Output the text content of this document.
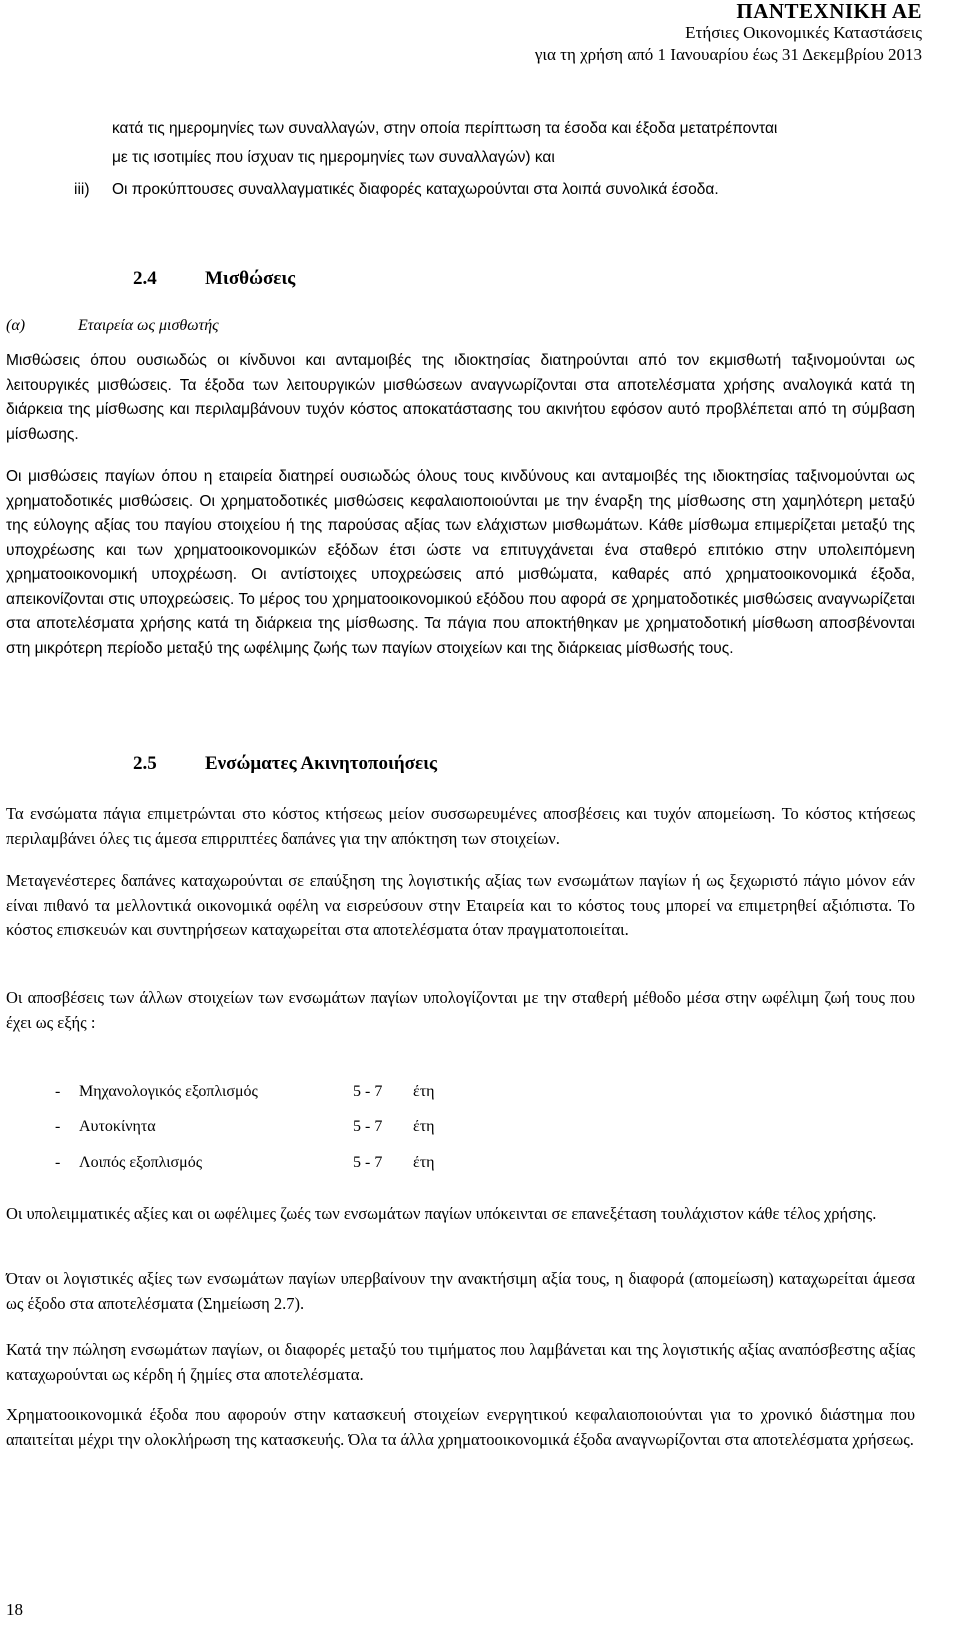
ΠΑΝΤΕΧΝΙΚΗ ΑΕ
Ετήσιες Οικονομικές Καταστάσεις
για τη χρήση από 1 Ιανουαρίου έως 31 Δεκεμβρίου 2013

κατά τις ημερομηνίες των συναλλαγών, στην οποία περίπτωση τα έσοδα και έξοδα μετατρέπονται

με τις ισοτιμίες που ίσχυαν τις ημερομηνίες των συναλλαγών) και

iii) Οι προκύπτουσες συναλλαγματικές διαφορές καταχωρούνται στα λοιπά συνολικά έσοδα.
2.4	Μισθώσεις
(α)	Εταιρεία ως μισθωτής

Μισθώσεις όπου ουσιωδώς οι κίνδυνοι και ανταμοιβές της ιδιοκτησίας διατηρούνται από τον εκμισθωτή ταξινομούνται ως λειτουργικές μισθώσεις. Τα έξοδα των λειτουργικών μισθώσεων αναγνωρίζονται στα αποτελέσματα χρήσης αναλογικά κατά τη διάρκεια της μίσθωσης και περιλαμβάνουν τυχόν κόστος αποκατάστασης του ακινήτου εφόσον αυτό προβλέπεται από τη σύμβαση μίσθωσης.

Οι μισθώσεις παγίων όπου η εταιρεία διατηρεί ουσιωδώς όλους τους κινδύνους και ανταμοιβές της ιδιοκτησίας ταξινομούνται ως χρηματοδοτικές μισθώσεις. Οι χρηματοδοτικές μισθώσεις κεφαλαιοποιούνται με την έναρξη της μίσθωσης στη χαμηλότερη μεταξύ της εύλογης αξίας του παγίου στοιχείου ή της παρούσας αξίας των ελάχιστων μισθωμάτων. Κάθε μίσθωμα επιμερίζεται μεταξύ της υποχρέωσης και των χρηματοοικονομικών εξόδων έτσι ώστε να επιτυγχάνεται ένα σταθερό επιτόκιο στην υπολειπόμενη χρηματοοικονομική υποχρέωση. Οι αντίστοιχες υποχρεώσεις από μισθώματα, καθαρές από χρηματοοικονομικά έξοδα, απεικονίζονται στις υποχρεώσεις. Το μέρος του χρηματοοικονομικού εξόδου που αφορά σε χρηματοδοτικές μισθώσεις αναγνωρίζεται στα αποτελέσματα χρήσης κατά τη διάρκεια της μίσθωσης. Τα πάγια που αποκτήθηκαν με χρηματοδοτική μίσθωση αποσβένονται στη μικρότερη περίοδο μεταξύ της ωφέλιμης ζωής των παγίων στοιχείων και της διάρκειας μίσθωσής τους.

2.5	Ενσώματες Ακινητοποιήσεις

Τα ενσώματα πάγια επιμετρώνται στο κόστος κτήσεως μείον συσσωρευμένες αποσβέσεις και τυχόν απομείωση. Το κόστος κτήσεως περιλαμβάνει όλες τις άμεσα επιρριπτέες δαπάνες για την απόκτηση των στοιχείων.

Μεταγενέστερες δαπάνες καταχωρούνται σε επαύξηση της λογιστικής αξίας των ενσωμάτων παγίων ή ως ξεχωριστό πάγιο μόνον εάν είναι πιθανό τα μελλοντικά οικονομικά οφέλη να εισρεύσουν στην Εταιρεία και το κόστος τους μπορεί να επιμετρηθεί αξιόπιστα. Το κόστος επισκευών και συντηρήσεων καταχωρείται στα αποτελέσματα όταν πραγματοποιείται.

Οι αποσβέσεις των άλλων στοιχείων των ενσωμάτων παγίων υπολογίζονται με την σταθερή μέθοδο μέσα στην ωφέλιμη ζωή τους που έχει ως εξής :

- Μηχανολογικός εξοπλισμός	5 - 7 έτη
- Αυτοκίνητα	5 - 7 έτη
- Λοιπός εξοπλισμός	5 - 7 έτη

Οι υπολειμματικές αξίες και οι ωφέλιμες ζωές των ενσωμάτων παγίων υπόκεινται σε επανεξέταση τουλάχιστον κάθε τέλος χρήσης.

Όταν οι λογιστικές αξίες των ενσωμάτων παγίων υπερβαίνουν την ανακτήσιμη αξία τους, η διαφορά (απομείωση) καταχωρείται άμεσα ως έξοδο στα αποτελέσματα (Σημείωση 2.7).

Κατά την πώληση ενσωμάτων παγίων, οι διαφορές μεταξύ του τιμήματος που λαμβάνεται και της λογιστικής αξίας αναπόσβεστης αξίας καταχωρούνται ως κέρδη ή ζημίες στα αποτελέσματα.

Χρηματοοικονομικά έξοδα που αφορούν στην κατασκευή στοιχείων ενεργητικού κεφαλαιοποιούνται για το χρονικό διάστημα που απαιτείται μέχρι την ολοκλήρωση της κατασκευής. Όλα τα άλλα χρηματοοικονομικά έξοδα αναγνωρίζονται στα αποτελέσματα χρήσεως.

18
